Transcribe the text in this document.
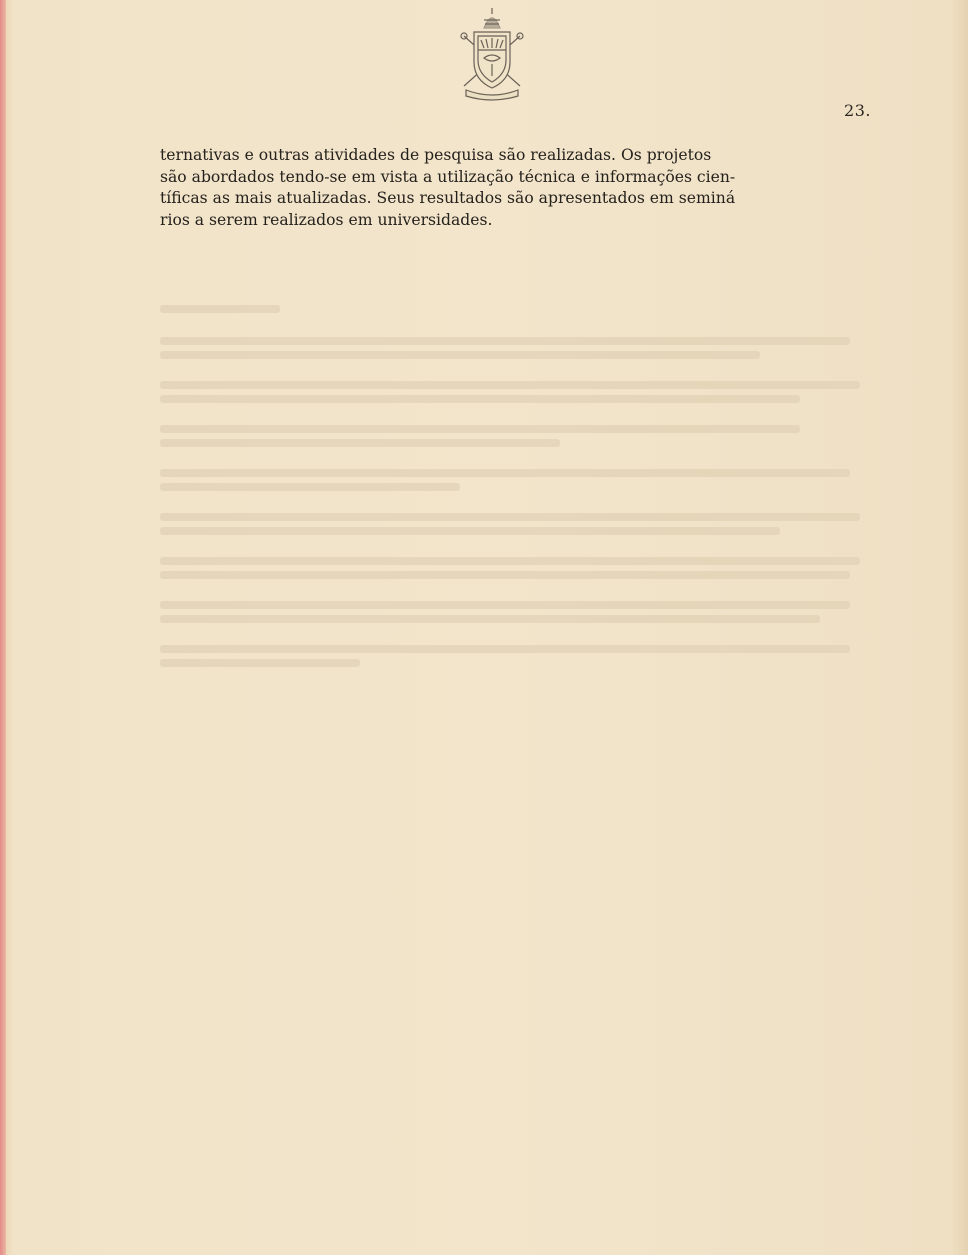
23.
ternativas e outras atividades de pesquisa são realizadas. Os projetos
são abordados tendo-se em vista a utilização técnica e informações cien-
tíficas as mais atualizadas. Seus resultados são apresentados em seminá
rios a serem realizados em universidades.
